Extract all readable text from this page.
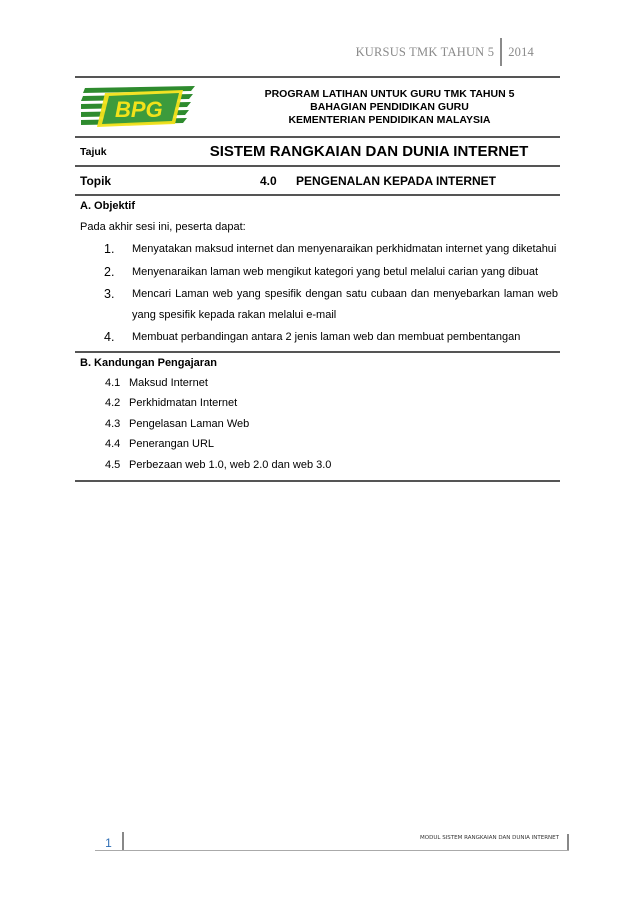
KURSUS TMK TAHUN 5	2014
BPG
PROGRAM LATIHAN UNTUK GURU TMK TAHUN 5
BAHAGIAN PENDIDIKAN GURU
KEMENTERIAN PENDIDIKAN MALAYSIA
Tajuk	SISTEM RANGKAIAN DAN DUNIA INTERNET
Topik	4.0	PENGENALAN KEPADA INTERNET
A. Objektif
Pada akhir sesi ini, peserta dapat:
1.	Menyatakan maksud internet dan menyenaraikan perkhidmatan internet yang diketahui
2.	Menyenaraikan laman web mengikut kategori yang betul melalui carian yang dibuat
3.	Mencari Laman web yang spesifik dengan satu cubaan dan menyebarkan laman web yang spesifik kepada rakan melalui e-mail
4.	Membuat perbandingan antara 2 jenis laman web dan membuat pembentangan
B. Kandungan Pengajaran
4.1 Maksud Internet
4.2 Perkhidmatan Internet
4.3 Pengelasan Laman Web
4.4 Penerangan URL
4.5 Perbezaan web 1.0, web 2.0 dan web 3.0
1	MODUL SISTEM RANGKAIAN DAN DUNIA INTERNET
